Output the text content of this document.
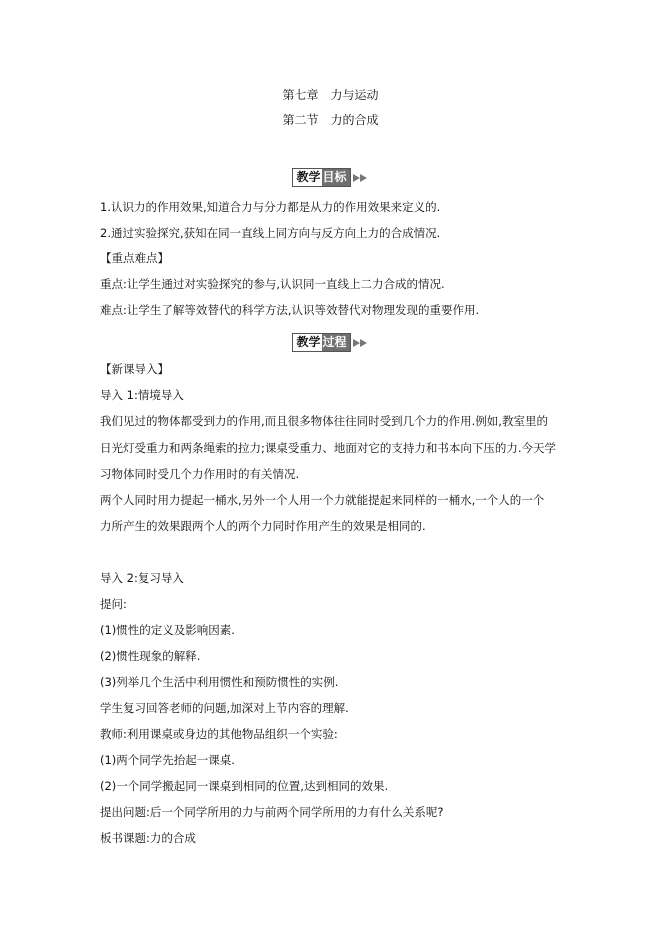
第七章　力与运动
第二节　力的合成
教学 目标
1.认识力的作用效果,知道合力与分力都是从力的作用效果来定义的.
2.通过实验探究,获知在同一直线上同方向与反方向上力的合成情况.
【重点难点】
重点:让学生通过对实验探究的参与,认识同一直线上二力合成的情况.
难点:让学生了解等效替代的科学方法,认识等效替代对物理发现的重要作用.
教学 过程
【新课导入】
导入 1:情境导入
我们见过的物体都受到力的作用,而且很多物体往往同时受到几个力的作用.例如,教室里的
日光灯受重力和两条绳索的拉力;课桌受重力、地面对它的支持力和书本向下压的力.今天学
习物体同时受几个力作用时的有关情况.
两个人同时用力提起一桶水,另外一个人用一个力就能提起来同样的一桶水,一个人的一个
力所产生的效果跟两个人的两个力同时作用产生的效果是相同的.
导入 2:复习导入
提问:
(1)惯性的定义及影响因素.
(2)惯性现象的解释.
(3)列举几个生活中利用惯性和预防惯性的实例.
学生复习回答老师的问题,加深对上节内容的理解.
教师:利用课桌或身边的其他物品组织一个实验:
(1)两个同学先抬起一课桌.
(2)一个同学搬起同一课桌到相同的位置,达到相同的效果.
提出问题:后一个同学所用的力与前两个同学所用的力有什么关系呢?
板书课题:力的合成
